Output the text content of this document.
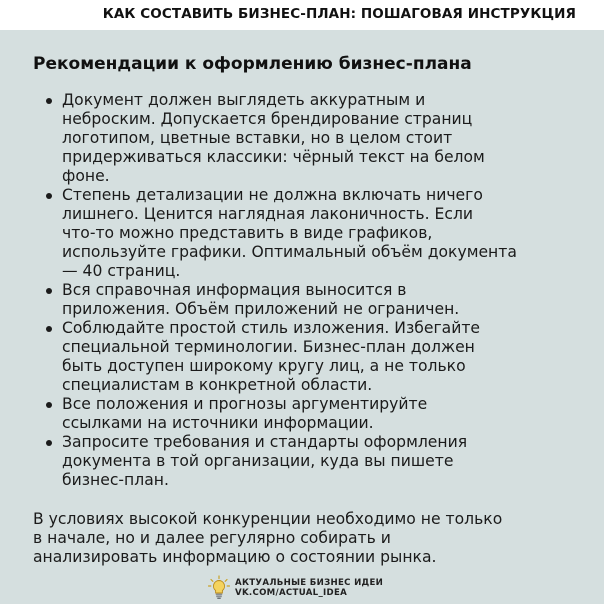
КАК СОСТАВИТЬ БИЗНЕС-ПЛАН: ПОШАГОВАЯ ИНСТРУКЦИЯ
Рекомендации к оформлению бизнес-плана
Документ должен выглядеть аккуратным и
неброским. Допускается брендирование страниц
логотипом, цветные вставки, но в целом стоит
придерживаться классики: чёрный текст на белом
фоне.
Степень детализации не должна включать ничего
лишнего. Ценится наглядная лаконичность. Если
что-то можно представить в виде графиков,
используйте графики. Оптимальный объём документа
— 40 страниц.
Вся справочная информация выносится в
приложения. Объём приложений не ограничен.
Соблюдайте простой стиль изложения. Избегайте
специальной терминологии. Бизнес-план должен
быть доступен широкому кругу лиц, а не только
специалистам в конкретной области.
Все положения и прогнозы аргументируйте
ссылками на источники информации.
Запросите требования и стандарты оформления
документа в той организации, куда вы пишете
бизнес-план.

В условиях высокой конкуренции необходимо не только
в начале, но и далее регулярно собирать и
анализировать информацию о состоянии рынка.

АКТУАЛЬНЫЕ БИЗНЕС ИДЕИ
VK.COM/ACTUAL_IDEA
